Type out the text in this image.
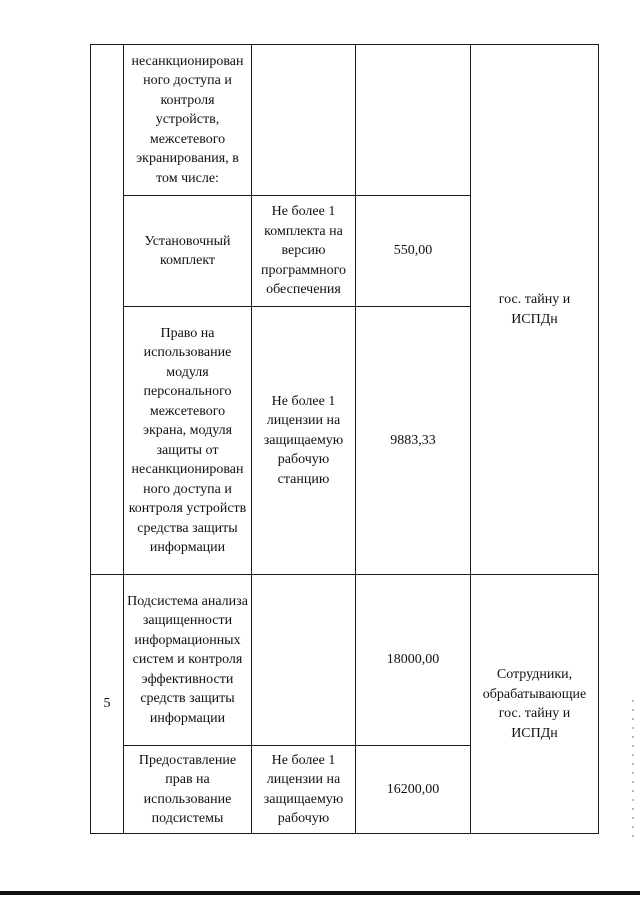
	несанкционирован ного доступа и контроля устройств, межсетевого экранирования, в том числе:			гос. тайну и ИСПДн
	Установочный комплект	Не более 1 комплекта на версию программного обеспечения	550,00	
	Право на использование модуля персонального межсетевого экрана, модуля защиты от несанкционирован ного доступа и контроля устройств средства защиты информации	Не более 1 лицензии на защищаемую рабочую станцию	9883,33	
5	Подсистема анализа защищенности информационных систем и контроля эффективности средств защиты информации		18000,00	Сотрудники, обрабатывающие гос. тайну и ИСПДн
	Предоставление прав на использование подсистемы	Не более 1 лицензии на защищаемую рабочую	16200,00	
